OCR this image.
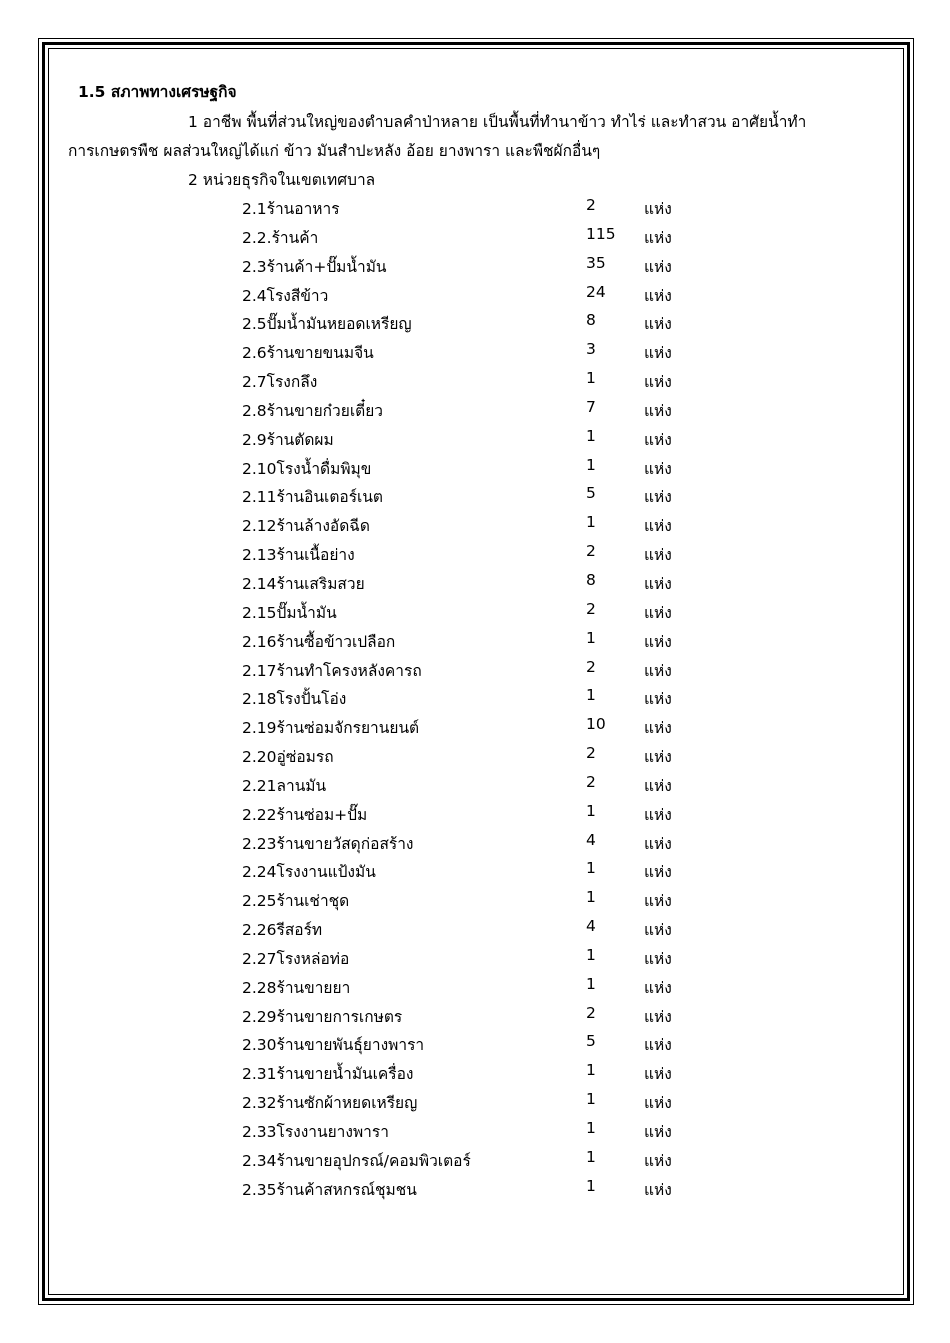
1.5 สภาพทางเศรษฐกิจ
1 อาชีพ พื้นที่ส่วนใหญ่ของตำบลคำป่าหลาย เป็นพื้นที่ทำนาข้าว ทำไร่ และทำสวน อาศัยน้ำทำ
การเกษตรพืช ผลส่วนใหญ่ได้แก่ ข้าว มันสำปะหลัง อ้อย ยางพารา และพืชผักอื่นๆ
2 หน่วยธุรกิจในเขตเทศบาล
2.1ร้านอาหาร	2	แห่ง
2.2.ร้านค้า	115 แห่ง
2.3ร้านค้า+ปั๊มน้ำมัน	35 แห่ง
2.4โรงสีข้าว	24 แห่ง
2.5ปั๊มน้ำมันหยอดเหรียญ	8	แห่ง
2.6ร้านขายขนมจีน	3	แห่ง
2.7โรงกลึง	1	แห่ง
2.8ร้านขายก๋วยเตี๋ยว	7	แห่ง
2.9ร้านตัดผม	1	แห่ง
2.10โรงน้ำดื่มพิมุข	1	แห่ง
2.11ร้านอินเตอร์เนต	5	แห่ง
2.12ร้านล้างอัดฉีด	1	แห่ง
2.13ร้านเนื้อย่าง	2	แห่ง
2.14ร้านเสริมสวย	8	แห่ง
2.15ปั๊มน้ำมัน	2	แห่ง
2.16ร้านซื้อข้าวเปลือก	1	แห่ง
2.17ร้านทำโครงหลังคารถ	2	แห่ง
2.18โรงปั้นโอ่ง	1	แห่ง
2.19ร้านซ่อมจักรยานยนต์	10 แห่ง
2.20อู่ซ่อมรถ	2	แห่ง
2.21ลานมัน	2	แห่ง
2.22ร้านซ่อม+ปั๊ม	1	แห่ง
2.23ร้านขายวัสดุก่อสร้าง	4	แห่ง
2.24โรงงานแป้งมัน	1	แห่ง
2.25ร้านเช่าชุด	1	แห่ง
2.26รีสอร์ท	4	แห่ง
2.27โรงหล่อท่อ	1	แห่ง
2.28ร้านขายยา	1	แห่ง
2.29ร้านขายการเกษตร	2	แห่ง
2.30ร้านขายพันธุ์ยางพารา	5	แห่ง
2.31ร้านขายน้ำมันเครื่อง	1	แห่ง
2.32ร้านซักผ้าหยดเหรียญ	1	แห่ง
2.33โรงงานยางพารา	1	แห่ง
2.34ร้านขายอุปกรณ์/คอมพิวเตอร์	1	แห่ง
2.35ร้านค้าสหกรณ์ชุมชน	1	แห่ง
